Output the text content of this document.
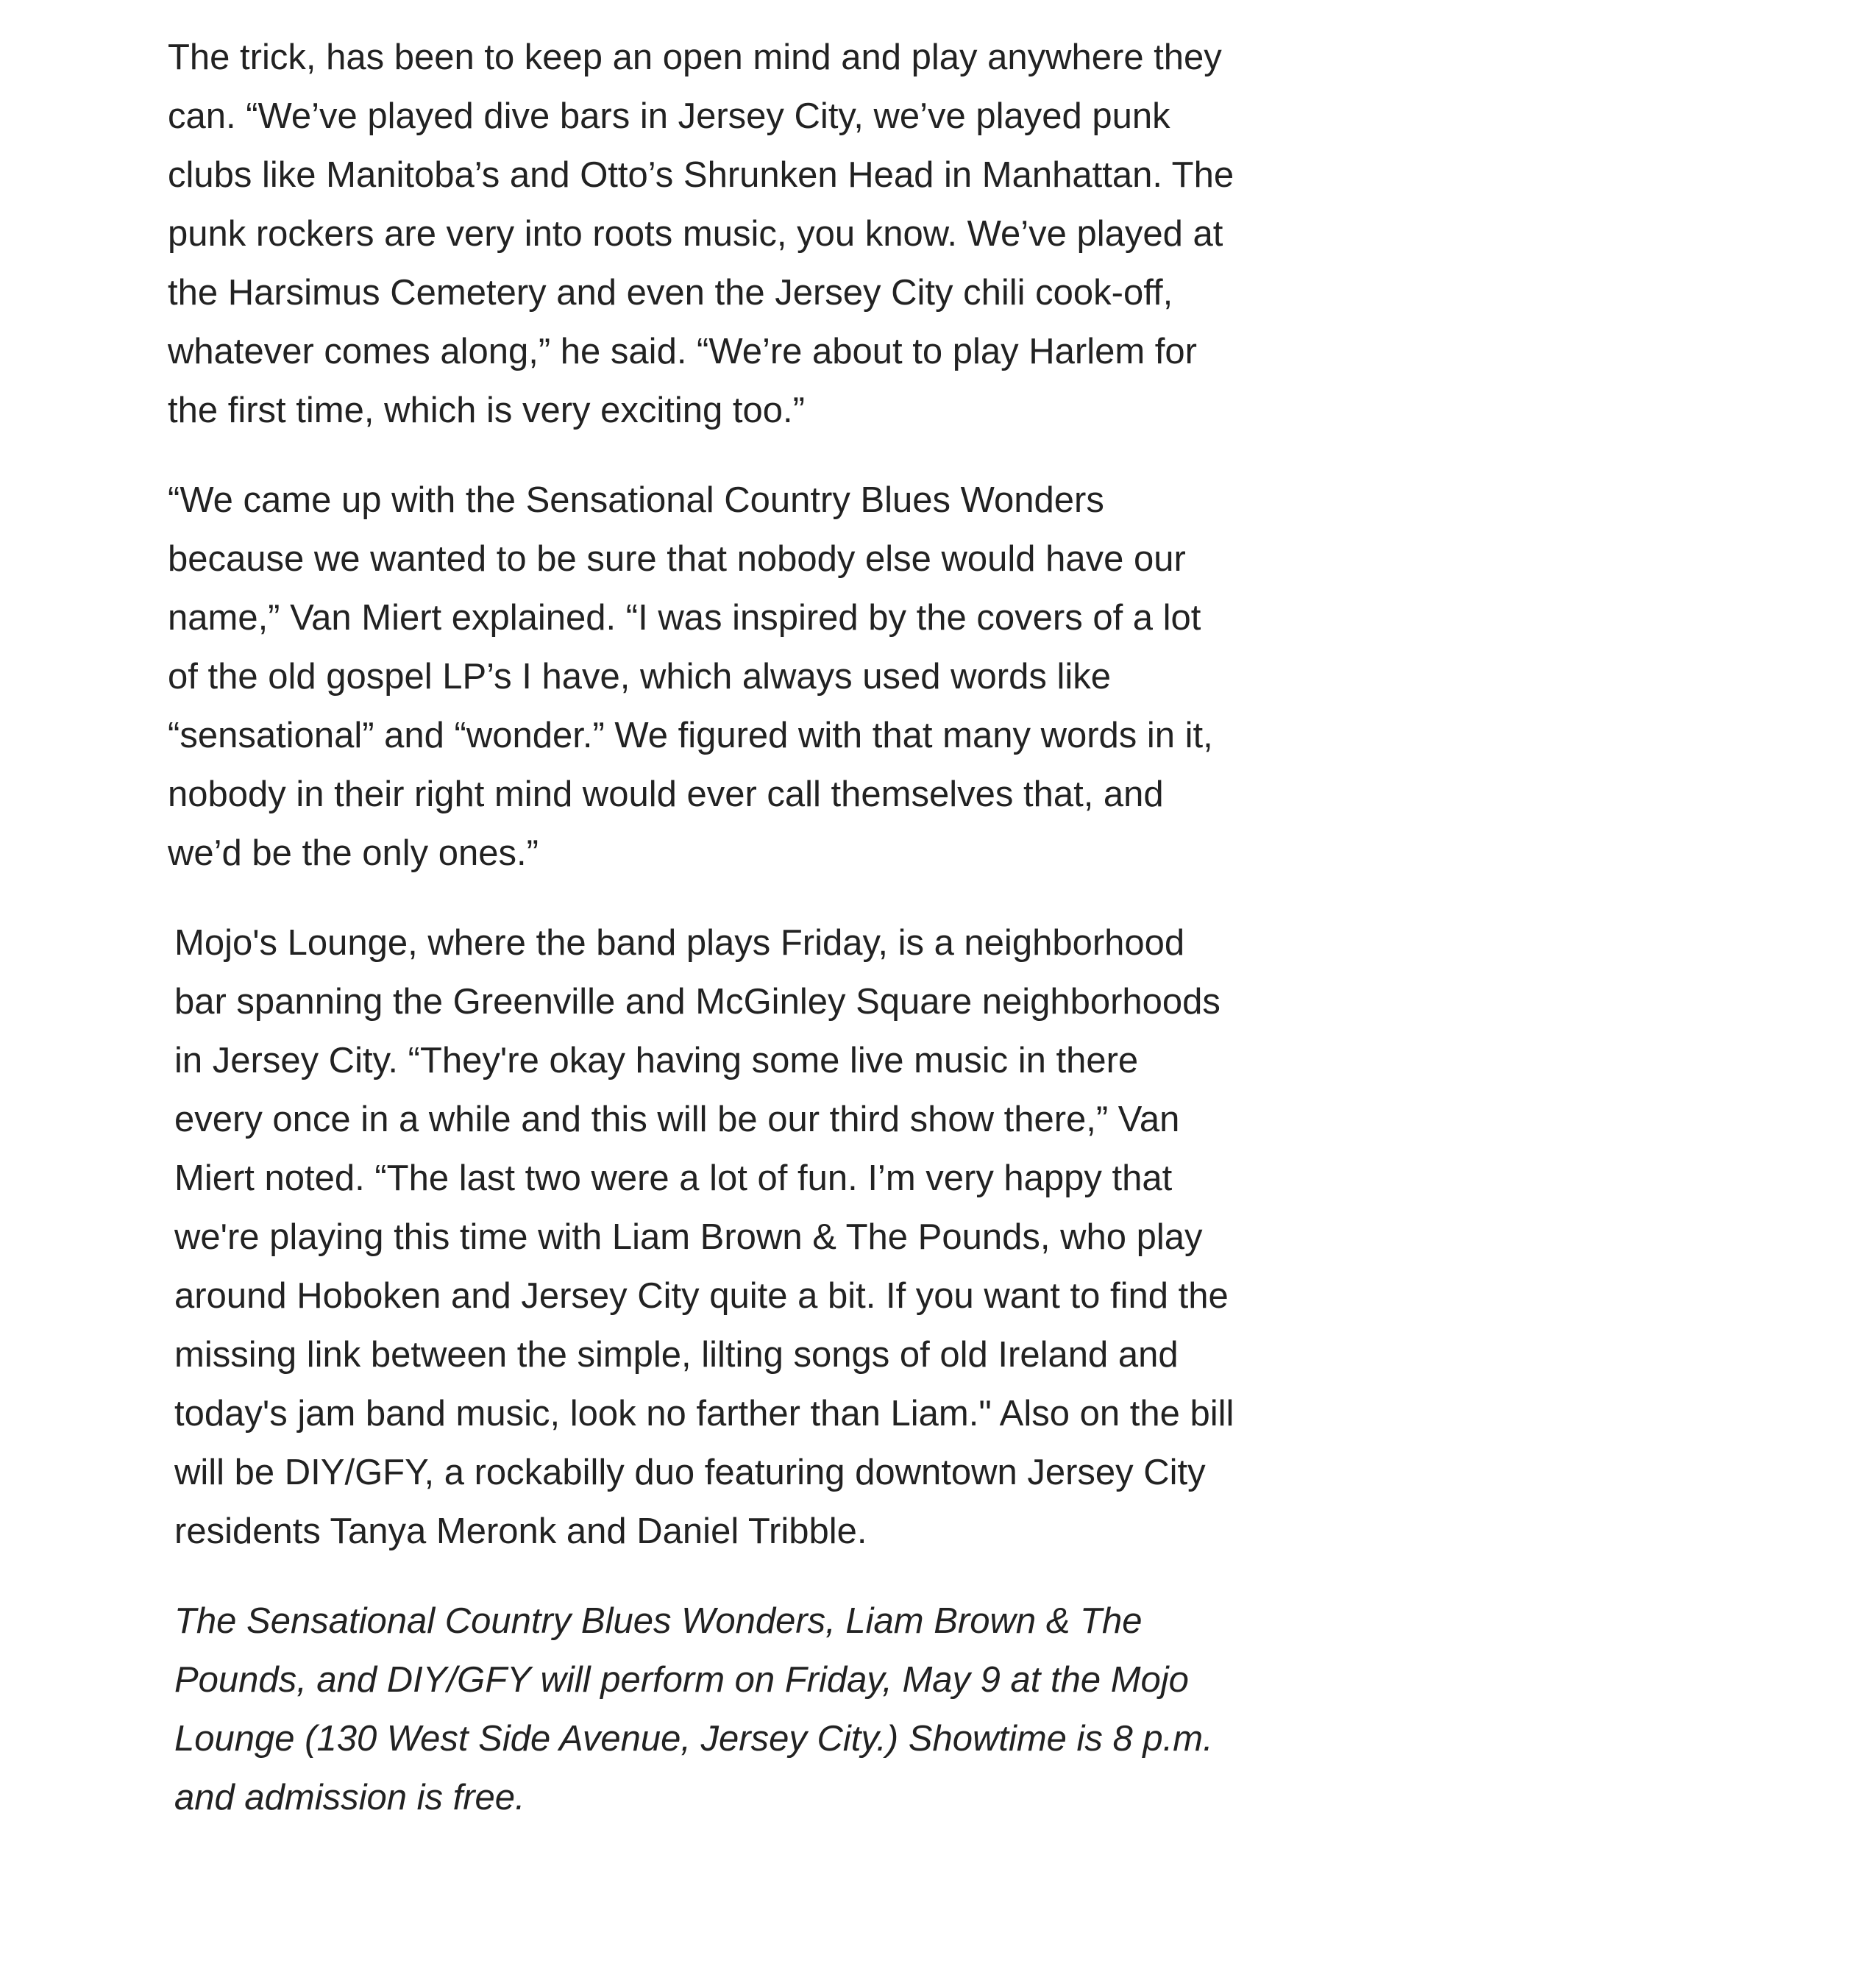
The trick, has been to keep an open mind and play anywhere they can. “We’ve played dive bars in Jersey City, we’ve played punk clubs like Manitoba’s and Otto’s Shrunken Head in Manhattan. The punk rockers are very into roots music, you know. We’ve played at the Harsimus Cemetery and even the Jersey City chili cook-off, whatever comes along,” he said. “We’re about to play Harlem for the first time, which is very exciting too.”

“We came up with the Sensational Country Blues Wonders because we wanted to be sure that nobody else would have our name,” Van Miert explained. “I was inspired by the covers of a lot of the old gospel LP’s I have, which always used words like “sensational” and “wonder.” We figured with that many words in it, nobody in their right mind would ever call themselves that, and we’d be the only ones.”

Mojo's Lounge, where the band plays Friday, is a neighborhood bar spanning the Greenville and McGinley Square neighborhoods in Jersey City. “They're okay having some live music in there every once in a while and this will be our third show there,” Van Miert noted. “The last two were a lot of fun. I’m very happy that we're playing this time with Liam Brown & The Pounds, who play around Hoboken and Jersey City quite a bit. If you want to find the missing link between the simple, lilting songs of old Ireland and today's jam band music, look no farther than Liam." Also on the bill will be DIY/GFY, a rockabilly duo featuring downtown Jersey City residents Tanya Meronk and Daniel Tribble.

The Sensational Country Blues Wonders, Liam Brown & The Pounds, and DIY/GFY will perform on Friday, May 9 at the Mojo Lounge (130 West Side Avenue, Jersey City.) Showtime is 8 p.m. and admission is free.
